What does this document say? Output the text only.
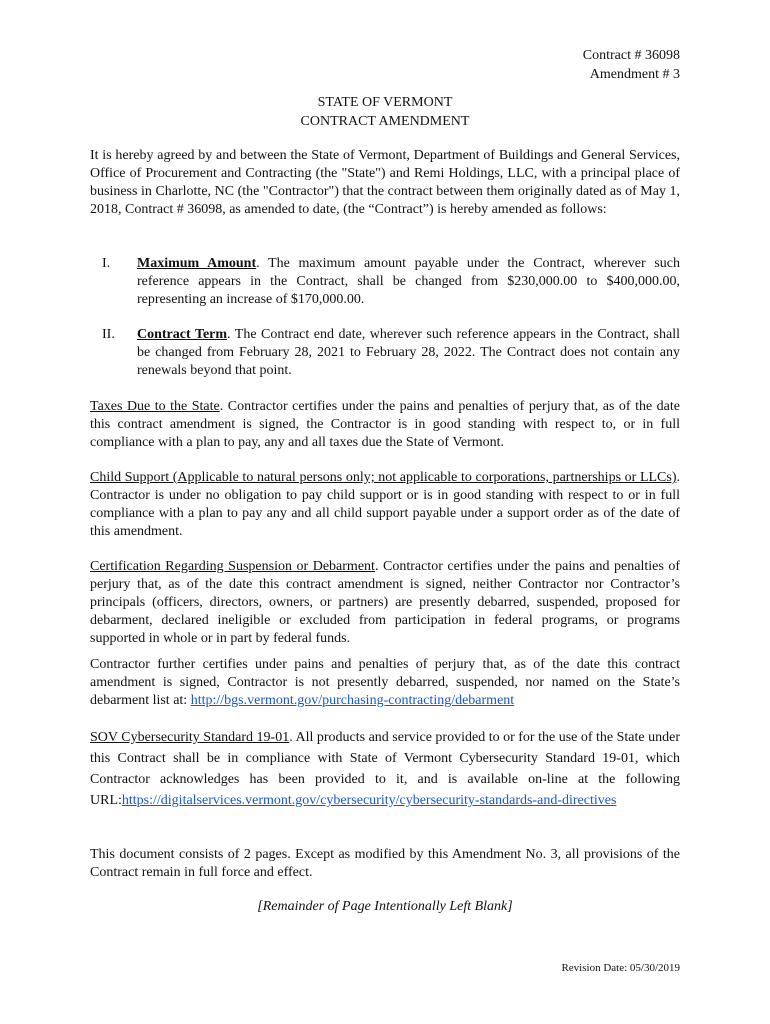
Contract # 36098
Amendment # 3
STATE OF VERMONT
CONTRACT AMENDMENT
It is hereby agreed by and between the State of Vermont, Department of Buildings and General Services, Office of Procurement and Contracting (the "State") and Remi Holdings, LLC, with a principal place of business in Charlotte, NC (the "Contractor") that the contract between them originally dated as of May 1, 2018, Contract # 36098, as amended to date, (the “Contract”) is hereby amended as follows:
I. Maximum Amount. The maximum amount payable under the Contract, wherever such reference appears in the Contract, shall be changed from $230,000.00 to $400,000.00, representing an increase of $170,000.00.
II. Contract Term. The Contract end date, wherever such reference appears in the Contract, shall be changed from February 28, 2021 to February 28, 2022. The Contract does not contain any renewals beyond that point.
Taxes Due to the State. Contractor certifies under the pains and penalties of perjury that, as of the date this contract amendment is signed, the Contractor is in good standing with respect to, or in full compliance with a plan to pay, any and all taxes due the State of Vermont.
Child Support (Applicable to natural persons only; not applicable to corporations, partnerships or LLCs). Contractor is under no obligation to pay child support or is in good standing with respect to or in full compliance with a plan to pay any and all child support payable under a support order as of the date of this amendment.
Certification Regarding Suspension or Debarment. Contractor certifies under the pains and penalties of perjury that, as of the date this contract amendment is signed, neither Contractor nor Contractor’s principals (officers, directors, owners, or partners) are presently debarred, suspended, proposed for debarment, declared ineligible or excluded from participation in federal programs, or programs supported in whole or in part by federal funds.
Contractor further certifies under pains and penalties of perjury that, as of the date this contract amendment is signed, Contractor is not presently debarred, suspended, nor named on the State’s debarment list at: http://bgs.vermont.gov/purchasing-contracting/debarment
SOV Cybersecurity Standard 19-01. All products and service provided to or for the use of the State under this Contract shall be in compliance with State of Vermont Cybersecurity Standard 19-01, which Contractor acknowledges has been provided to it, and is available on-line at the following URL:https://digitalservices.vermont.gov/cybersecurity/cybersecurity-standards-and-directives
This document consists of 2 pages. Except as modified by this Amendment No. 3, all provisions of the Contract remain in full force and effect.
[Remainder of Page Intentionally Left Blank]
Revision Date: 05/30/2019
